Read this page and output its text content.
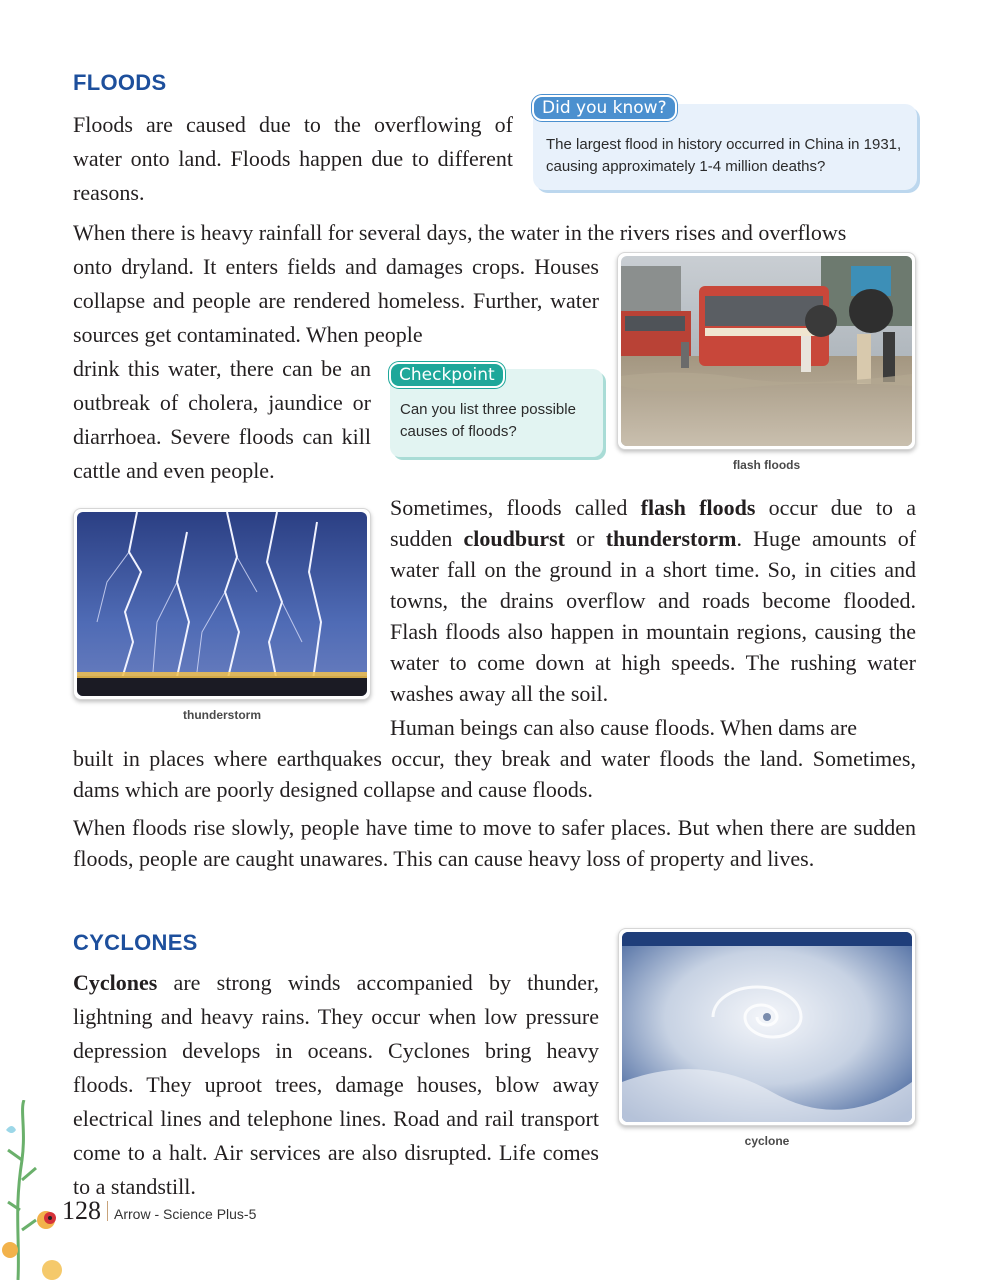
FLOODS

Floods are caused due to the overflowing of water onto land. Floods happen due to different reasons.

The largest flood in history occurred in China in 1931, causing approximately 1-4 million deaths?
Did you know?

When there is heavy rainfall for several days, the water in the rivers rises and overflows

onto dryland. It enters fields and damages crops. Houses collapse and people are rendered homeless. Further, water sources get contaminated. When people

drink this water, there can be an outbreak of cholera, jaundice or diarrhoea. Severe floods can kill cattle and even people.

Can you list three possible causes of floods?
Checkpoint
flash floods
thunderstorm

Sometimes, floods called flash floods occur due to a sudden cloudburst or thunderstorm. Huge amounts of water fall on the ground in a short time. So, in cities and towns, the drains overflow and roads become flooded. Flash floods also happen in mountain regions, causing the water to come down at high speeds. The rushing water washes away all the soil.

Human beings can also cause floods. When dams are

built in places where earthquakes occur, they break and water floods the land. Sometimes, dams which are poorly designed collapse and cause floods.

When floods rise slowly, people have time to move to safer places. But when there are sudden floods, people are caught unawares. This can cause heavy loss of property and lives.

CYCLONES

Cyclones are strong winds accompanied by thunder, lightning and heavy rains. They occur when low pressure depression develops in oceans. Cyclones bring heavy floods. They uproot trees, damage houses, blow away electrical lines and telephone lines. Road and rail transport come to a halt. Air services are also disrupted. Life comes to a standstill.

cyclone
128 Arrow - Science Plus-5
